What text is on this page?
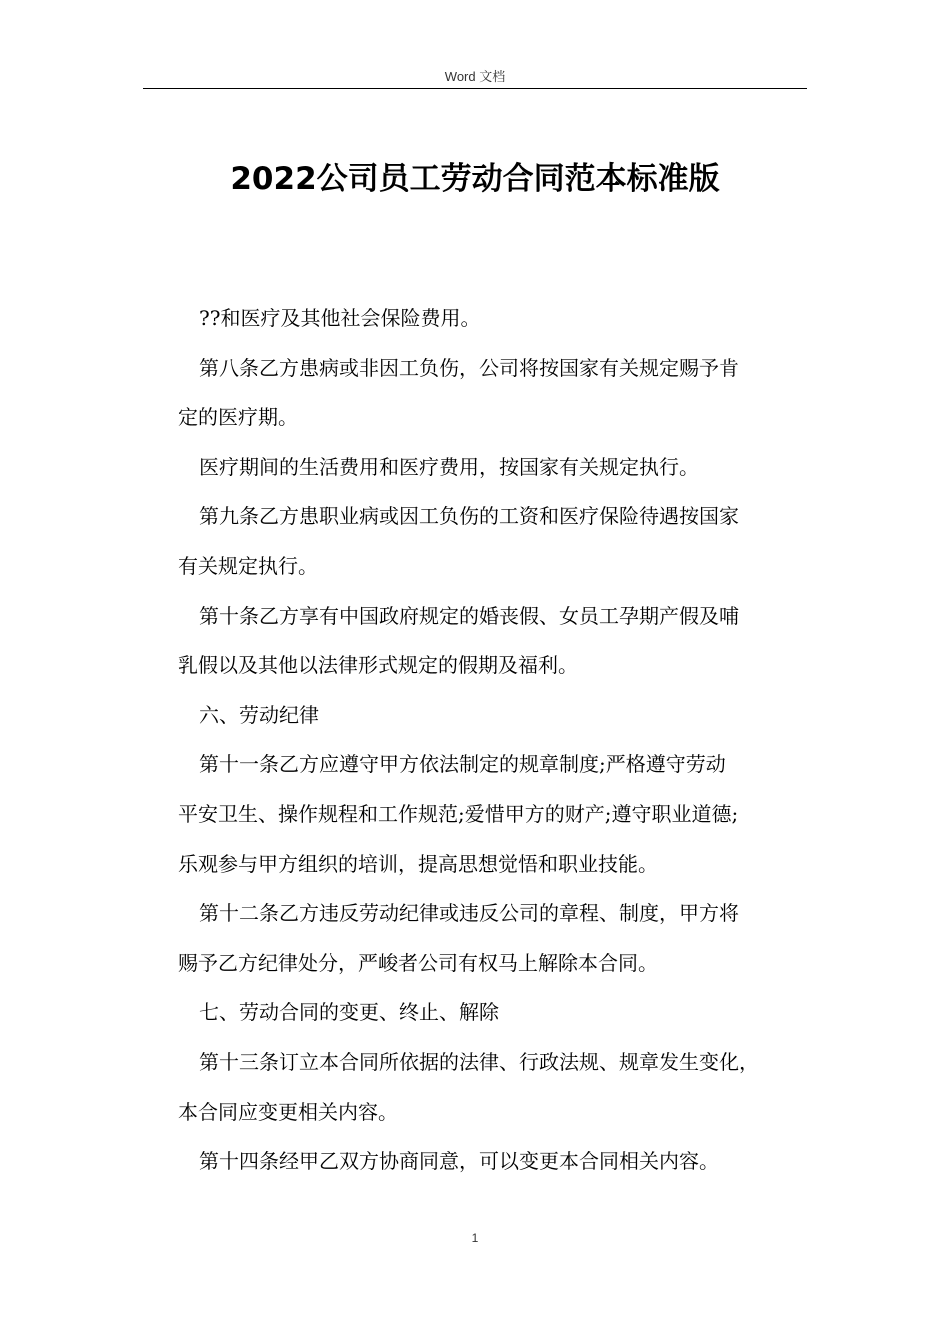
Word 文档
2022公司员工劳动合同范本标准版
??和医疗及其他社会保险费用。
第八条乙方患病或非因工负伤，公司将按国家有关规定赐予肯
定的医疗期。
医疗期间的生活费用和医疗费用，按国家有关规定执行。
第九条乙方患职业病或因工负伤的工资和医疗保险待遇按国家
有关规定执行。
第十条乙方享有中国政府规定的婚丧假、女员工孕期产假及哺
乳假以及其他以法律形式规定的假期及福利。
六、劳动纪律
第十一条乙方应遵守甲方依法制定的规章制度;严格遵守劳动
平安卫生、操作规程和工作规范;爱惜甲方的财产;遵守职业道德;
乐观参与甲方组织的培训，提高思想觉悟和职业技能。
第十二条乙方违反劳动纪律或违反公司的章程、制度，甲方将
赐予乙方纪律处分，严峻者公司有权马上解除本合同。
七、劳动合同的变更、终止、解除
第十三条订立本合同所依据的法律、行政法规、规章发生变化，
本合同应变更相关内容。
第十四条经甲乙双方协商同意，可以变更本合同相关内容。
1
